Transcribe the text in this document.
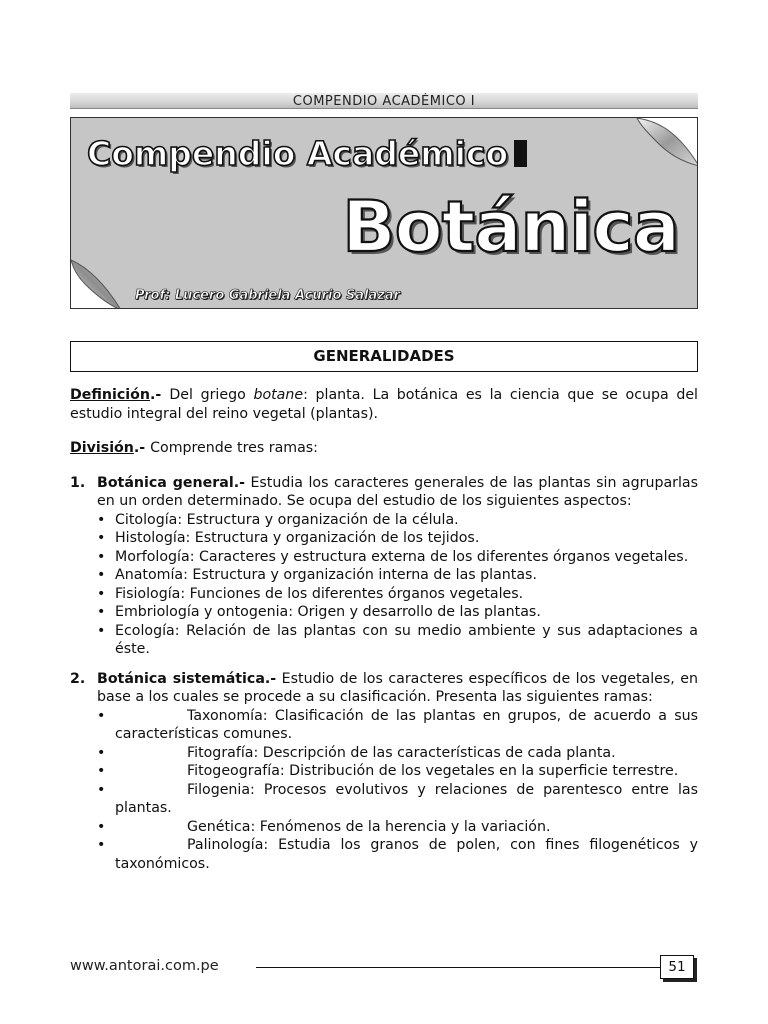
COMPENDIO ACADÉMICO I
Compendio Académico
Botánica
Prof: Lucero Gabriela Acurio Salazar
GENERALIDADES

Definición.- Del griego botane: planta. La botánica es la ciencia que se ocupa del estudio integral del reino vegetal (plantas).

División.- Comprende tres ramas:

1. Botánica general.- Estudia los caracteres generales de las plantas sin agruparlas en un orden determinado. Se ocupa del estudio de los siguientes aspectos:
• Citología: Estructura y organización de la célula.
• Histología: Estructura y organización de los tejidos.
• Morfología: Caracteres y estructura externa de los diferentes órganos vegetales.
• Anatomía: Estructura y organización interna de las plantas.
• Fisiología: Funciones de los diferentes órganos vegetales.
• Embriología y ontogenia: Origen y desarrollo de las plantas.
• Ecología: Relación de las plantas con su medio ambiente y sus adaptaciones a éste.
2. Botánica sistemática.- Estudio de los caracteres específicos de los vegetales, en base a los cuales se procede a su clasificación. Presenta las siguientes ramas:
• Taxonomía: Clasificación de las plantas en grupos, de acuerdo a sus características comunes.
• Fitografía: Descripción de las características de cada planta.
• Fitogeografía: Distribución de los vegetales en la superficie terrestre.
• Filogenia: Procesos evolutivos y relaciones de parentesco entre las plantas.
• Genética: Fenómenos de la herencia y la variación.
• Palinología: Estudia los granos de polen, con fines filogenéticos y taxonómicos.
www.antorai.com.pe	51
